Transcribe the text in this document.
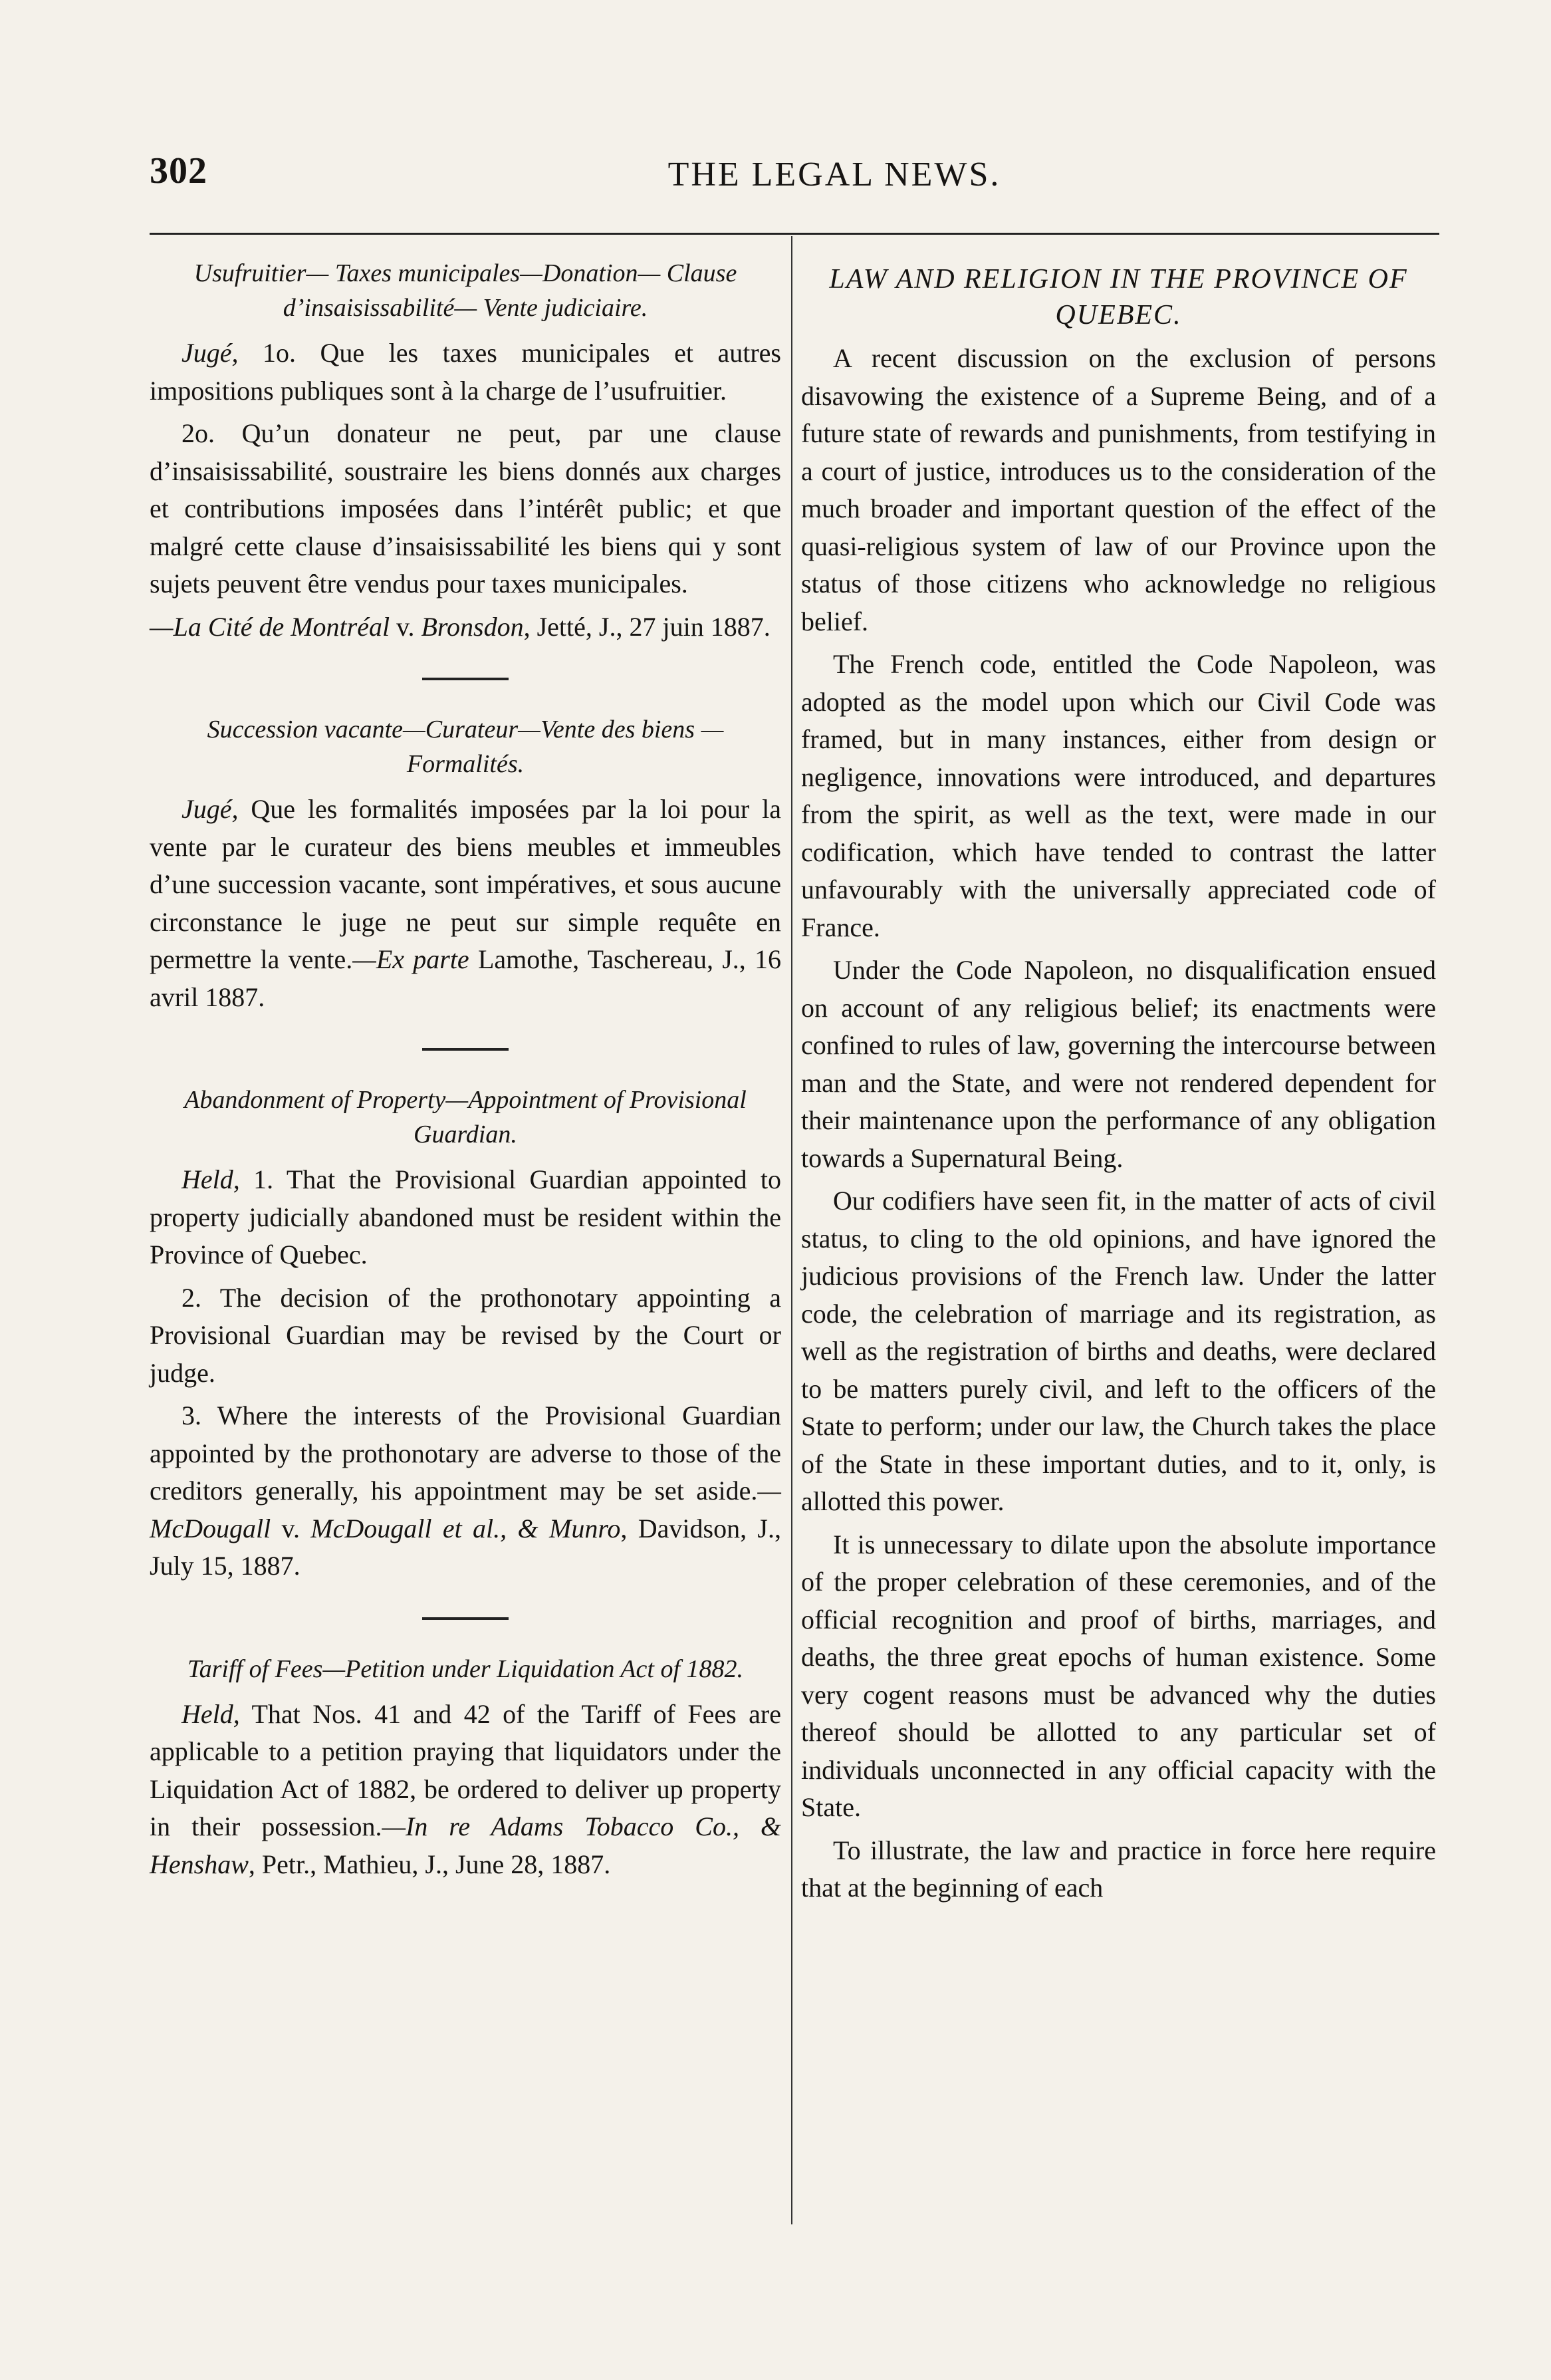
302	THE LEGAL NEWS.
Usufruitier— Taxes municipales—Donation— Clause d’insaisissabilité— Vente judiciaire.

Jugé, 1o. Que les taxes municipales et autres impositions publiques sont à la charge de l’usufruitier.

2o. Qu’un donateur ne peut, par une clause d’insaisissabilité, soustraire les biens donnés aux charges et contributions imposées dans l’intérêt public; et que malgré cette clause d’insaisissabilité les biens qui y sont sujets peuvent être vendus pour taxes municipales.

—La Cité de Montréal v. Bronsdon, Jetté, J., 27 juin 1887.

Succession vacante—Curateur—Vente des biens —Formalités.

Jugé, Que les formalités imposées par la loi pour la vente par le curateur des biens meubles et immeubles d’une succession vacante, sont impératives, et sous aucune circonstance le juge ne peut sur simple requête en permettre la vente.—Ex parte Lamothe, Taschereau, J., 16 avril 1887.

Abandonment of Property—Appointment of Provisional Guardian.

Held, 1. That the Provisional Guardian appointed to property judicially abandoned must be resident within the Province of Quebec.

2. The decision of the prothonotary appointing a Provisional Guardian may be revised by the Court or judge.

3. Where the interests of the Provisional Guardian appointed by the prothonotary are adverse to those of the creditors generally, his appointment may be set aside.—McDougall v. McDougall et al., & Munro, Davidson, J., July 15, 1887.

Tariff of Fees—Petition under Liquidation Act of 1882.

Held, That Nos. 41 and 42 of the Tariff of Fees are applicable to a petition praying that liquidators under the Liquidation Act of 1882, be ordered to deliver up property in their possession.—In re Adams Tobacco Co., & Henshaw, Petr., Mathieu, J., June 28, 1887.

LAW AND RELIGION IN THE PROVINCE OF QUEBEC.

A recent discussion on the exclusion of persons disavowing the existence of a Supreme Being, and of a future state of rewards and punishments, from testifying in a court of justice, introduces us to the consideration of the much broader and important question of the effect of the quasi-religious system of law of our Province upon the status of those citizens who acknowledge no religious belief.

The French code, entitled the Code Napoleon, was adopted as the model upon which our Civil Code was framed, but in many instances, either from design or negligence, innovations were introduced, and departures from the spirit, as well as the text, were made in our codification, which have tended to contrast the latter unfavourably with the universally appreciated code of France.

Under the Code Napoleon, no disqualification ensued on account of any religious belief; its enactments were confined to rules of law, governing the intercourse between man and the State, and were not rendered dependent for their maintenance upon the performance of any obligation towards a Supernatural Being.

Our codifiers have seen fit, in the matter of acts of civil status, to cling to the old opinions, and have ignored the judicious provisions of the French law. Under the latter code, the celebration of marriage and its registration, as well as the registration of births and deaths, were declared to be matters purely civil, and left to the officers of the State to perform; under our law, the Church takes the place of the State in these important duties, and to it, only, is allotted this power.

It is unnecessary to dilate upon the absolute importance of the proper celebration of these ceremonies, and of the official recognition and proof of births, marriages, and deaths, the three great epochs of human existence. Some very cogent reasons must be advanced why the duties thereof should be allotted to any particular set of individuals unconnected in any official capacity with the State.

To illustrate, the law and practice in force here require that at the beginning of each
